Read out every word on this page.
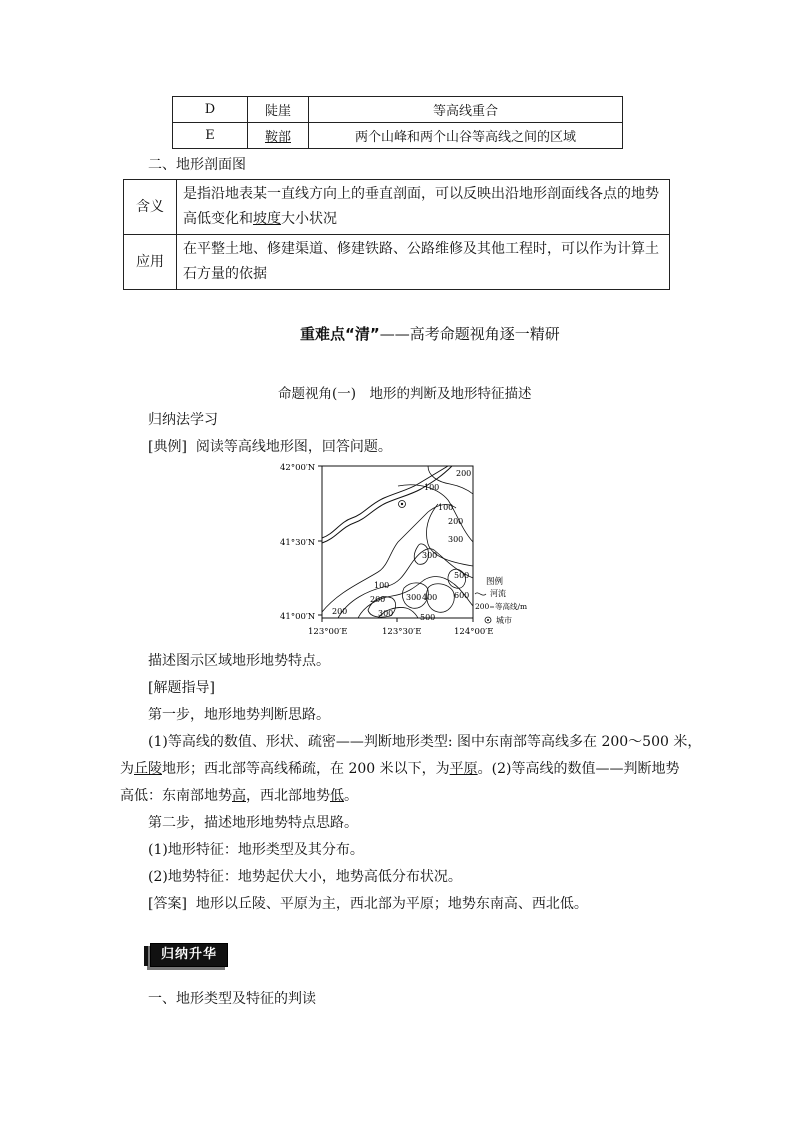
D	陡崖	等高线重合
E	鞍部	两个山峰和两个山谷等高线之间的区域
二、地形剖面图
含义	是指沿地表某一直线方向上的垂直剖面，可以反映出沿地形剖面线各点的地势
高低变化和坡度大小状况

应用	在平整土地、修建渠道、修建铁路、公路维修及其他工程时，可以作为计算土
石方量的依据
重难点“清”——高考命题视角逐一精研
命题视角(一)　地形的判断及地形特征描述
归纳法学习
[典例] 阅读等高线地形图，回答问题。
42°00′N
41°30′N
41°00′N
123°00′E	123°30′E	124°00′E
200
100
100
200
300
300
100
200	300 400
500
600
500
300
200
图例
河流
200 等高线/m
城市
描述图示区域地形地势特点。
[解题指导]
第一步，地形地势判断思路。
(1)等高线的数值、形状、疏密——判断地形类型: 图中东南部等高线多在 200～500 米，
为丘陵地形；西北部等高线稀疏，在 200 米以下，为平原。(2)等高线的数值——判断地势
高低：东南部地势高，西北部地势低。
第二步，描述地形地势特点思路。
(1)地形特征：地形类型及其分布。
(2)地势特征：地势起伏大小，地势高低分布状况。
[答案] 地形以丘陵、平原为主，西北部为平原；地势东南高、西北低。
归纳升华
一、地形类型及特征的判读
